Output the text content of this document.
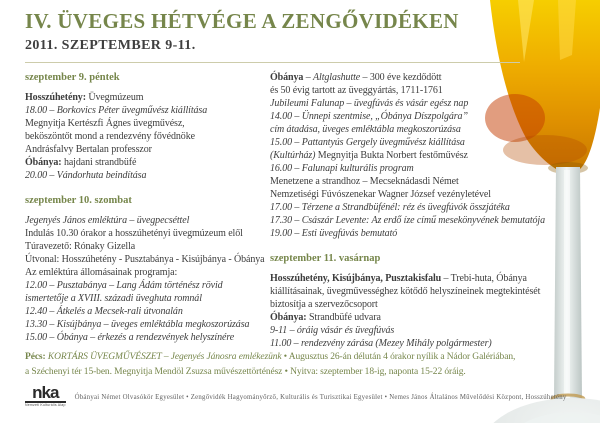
IV. ÜVEGES HÉTVÉGE A ZENGŐVIDÉKEN
2011. SZEPTEMBER 9-11.
szeptember 9. péntek
Hosszúhetény: Üvegmúzeum
18.00 – Borkovics Péter üvegművész kiállítása
Megnyitja Kertészfi Ágnes üvegművész,
beköszöntőt mond a rendezvény fővédnöke
Andrásfalvy Bertalan professzor
Óbánya: hajdani strandbüfé
20.00 – Vándorhuta beindítása
szeptember 10. szombat
Jegenyés János emléktúra – üvegpecséttel
Indulás 10.30 órakor a hosszúhetényi üvegmúzeum elől
Túravezető: Rónaky Gizella
Útvonal: Hosszúhetény - Pusztabánya - Kisújbánya - Óbánya
Az emléktúra állomásainak programja:
12.00 – Pusztabánya – Lang Ádám történész rövid
ismertetője a XVIII. századi üveghuta romnál
12.40 – Átkelés a Mecsek-rali útvonalán
13.30 – Kisújbánya – üveges emléktábla megkoszorúzása
15.00 – Óbánya – érkezés a rendezvények helyszínére
Óbánya – Altglashutte – 300 éve kezdődött
és 50 évig tartott az üveggyártás, 1711-1761
Jubileumi Falunap – üvegfúvás és vásár egész nap
14.00 – Ünnepi szentmise, „Óbánya Díszpolgára”
cím átadása, üveges emléktábla megkoszorúzása
15.00 – Pattantyús Gergely üvegművész kiállítása
(Kultúrház) Megnyitja Bukta Norbert festőművész
16.00 – Falunapi kulturális program
Menetzene a strandhoz – Mecseknádasdi Német
Nemzetiségi Fúvószenekar Wagner József vezényletével
17.00 – Térzene a Strandbüfénél: réz és üvegfúvók összjátéka
17.30 – Császár Levente: Az erdő íze című mesekönyvének bemutatója
19.00 – Esti üvegfúvás bemutató
szeptember 11. vasárnap
Hosszúhetény, Kisújbánya, Pusztakisfalu – Trebi-huta, Óbánya
kiállításainak, üvegművességhez kötődő helyszíneinek megtekintését
biztosítja a szervezőcsoport
Óbánya: Strandbüfé udvara
9-11 – óráig vásár és üvegfúvás
11.00 – rendezvény zárása (Mezey Mihály polgármester)
Pécs: KORTÁRS ÜVEGMŰVÉSZET – Jegenyés Jánosra emlékezünk • Augusztus 26-án délután 4 órakor nyílik a Nádor Galériában,
a Széchenyi tér 15-ben. Megnyitja Mendöl Zsuzsa művészettörténész • Nyitva: szeptember 18-ig, naponta 15-22 óráig.
nka
Nemzeti Kulturális Alap
Óbányai Német Olvasókör Egyesület • Zengővidék Hagyományőrző, Kulturális és Turisztikai Egyesület • Nemes János Általános Művelődési Központ, Hosszúhetény
